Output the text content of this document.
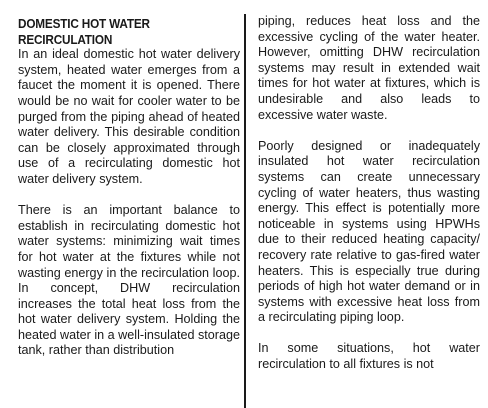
DOMESTIC HOT WATER
RECIRCULATION

In an ideal domestic hot water delivery system, heated water emerges from a faucet the moment it is opened. There would be no wait for cooler water to be purged from the piping ahead of heated water delivery. This desirable condition can be closely approximated through use of a recirculating domestic hot water delivery system.

There is an important balance to establish in recirculating domestic hot water systems: minimizing wait times for hot water at the fixtures while not wasting energy in the recirculation loop. In concept, DHW recirculation increases the total heat loss from the hot water delivery system. Holding the heated water in a well-insulated storage tank, rather than distribution

piping, reduces heat loss and the excessive cycling of the water heater. However, omitting DHW recirculation systems may result in extended wait times for hot water at fixtures, which is undesirable and also leads to excessive water waste.

Poorly designed or inadequately insulated hot water recirculation systems can create unnecessary cycling of water heaters, thus wasting energy. This effect is potentially more noticeable in systems using HPWHs due to their reduced heating capacity/ recovery rate relative to gas-fired water heaters. This is especially true during periods of high hot water demand or in systems with excessive heat loss from a recirculating piping loop.

In some situations, hot water recirculation to all fixtures is not
